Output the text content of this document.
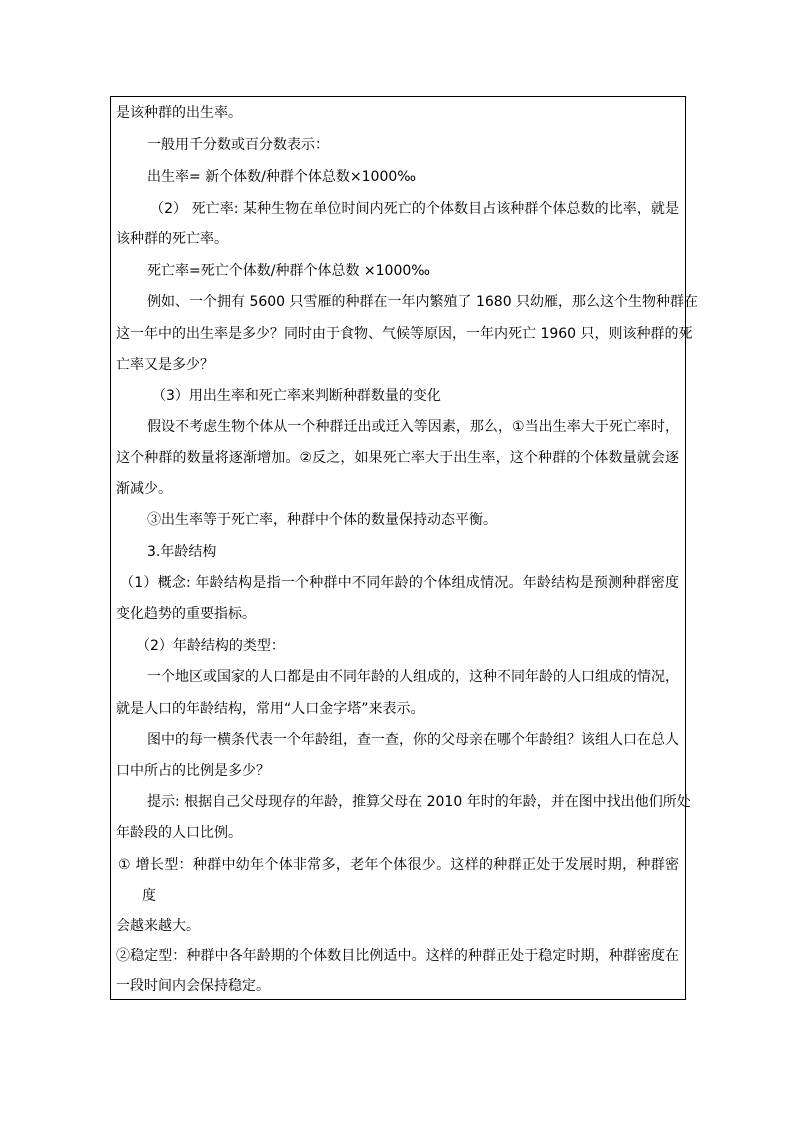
是该种群的出生率。
一般用千分数或百分数表示：
出生率= 新个体数/种群个体总数×1000‰
（2） 死亡率: 某种生物在单位时间内死亡的个体数目占该种群个体总数的比率，就是
该种群的死亡率。
死亡率=死亡个体数/种群个体总数 ×1000‰
例如、一个拥有 5600 只雪雁的种群在一年内繁殖了 1680 只幼雁，那么这个生物种群在
这一年中的出生率是多少？同时由于食物、气候等原因，一年内死亡 1960 只，则该种群的死
亡率又是多少？
（3）用出生率和死亡率来判断种群数量的变化
假设不考虑生物个体从一个种群迁出或迁入等因素，那么，①当出生率大于死亡率时，
这个种群的数量将逐渐增加。②反之，如果死亡率大于出生率，这个种群的个体数量就会逐
渐减少。
③出生率等于死亡率，种群中个体的数量保持动态平衡。
3.年龄结构
（1）概念: 年龄结构是指一个种群中不同年龄的个体组成情况。年龄结构是预测种群密度
变化趋势的重要指标。
（2）年龄结构的类型：
一个地区或国家的人口都是由不同年龄的人组成的，这种不同年龄的人口组成的情况，
就是人口的年龄结构，常用“人口金字塔”来表示。
图中的每一横条代表一个年龄组，查一查，你的父母亲在哪个年龄组？该组人口在总人
口中所占的比例是多少？
提示: 根据自己父母现存的年龄，推算父母在 2010 年时的年龄，并在图中找出他们所处
年龄段的人口比例。
① 增长型：种群中幼年个体非常多，老年个体很少。这样的种群正处于发展时期，种群密
度
会越来越大。
②稳定型：种群中各年龄期的个体数目比例适中。这样的种群正处于稳定时期，种群密度在
一段时间内会保持稳定。
